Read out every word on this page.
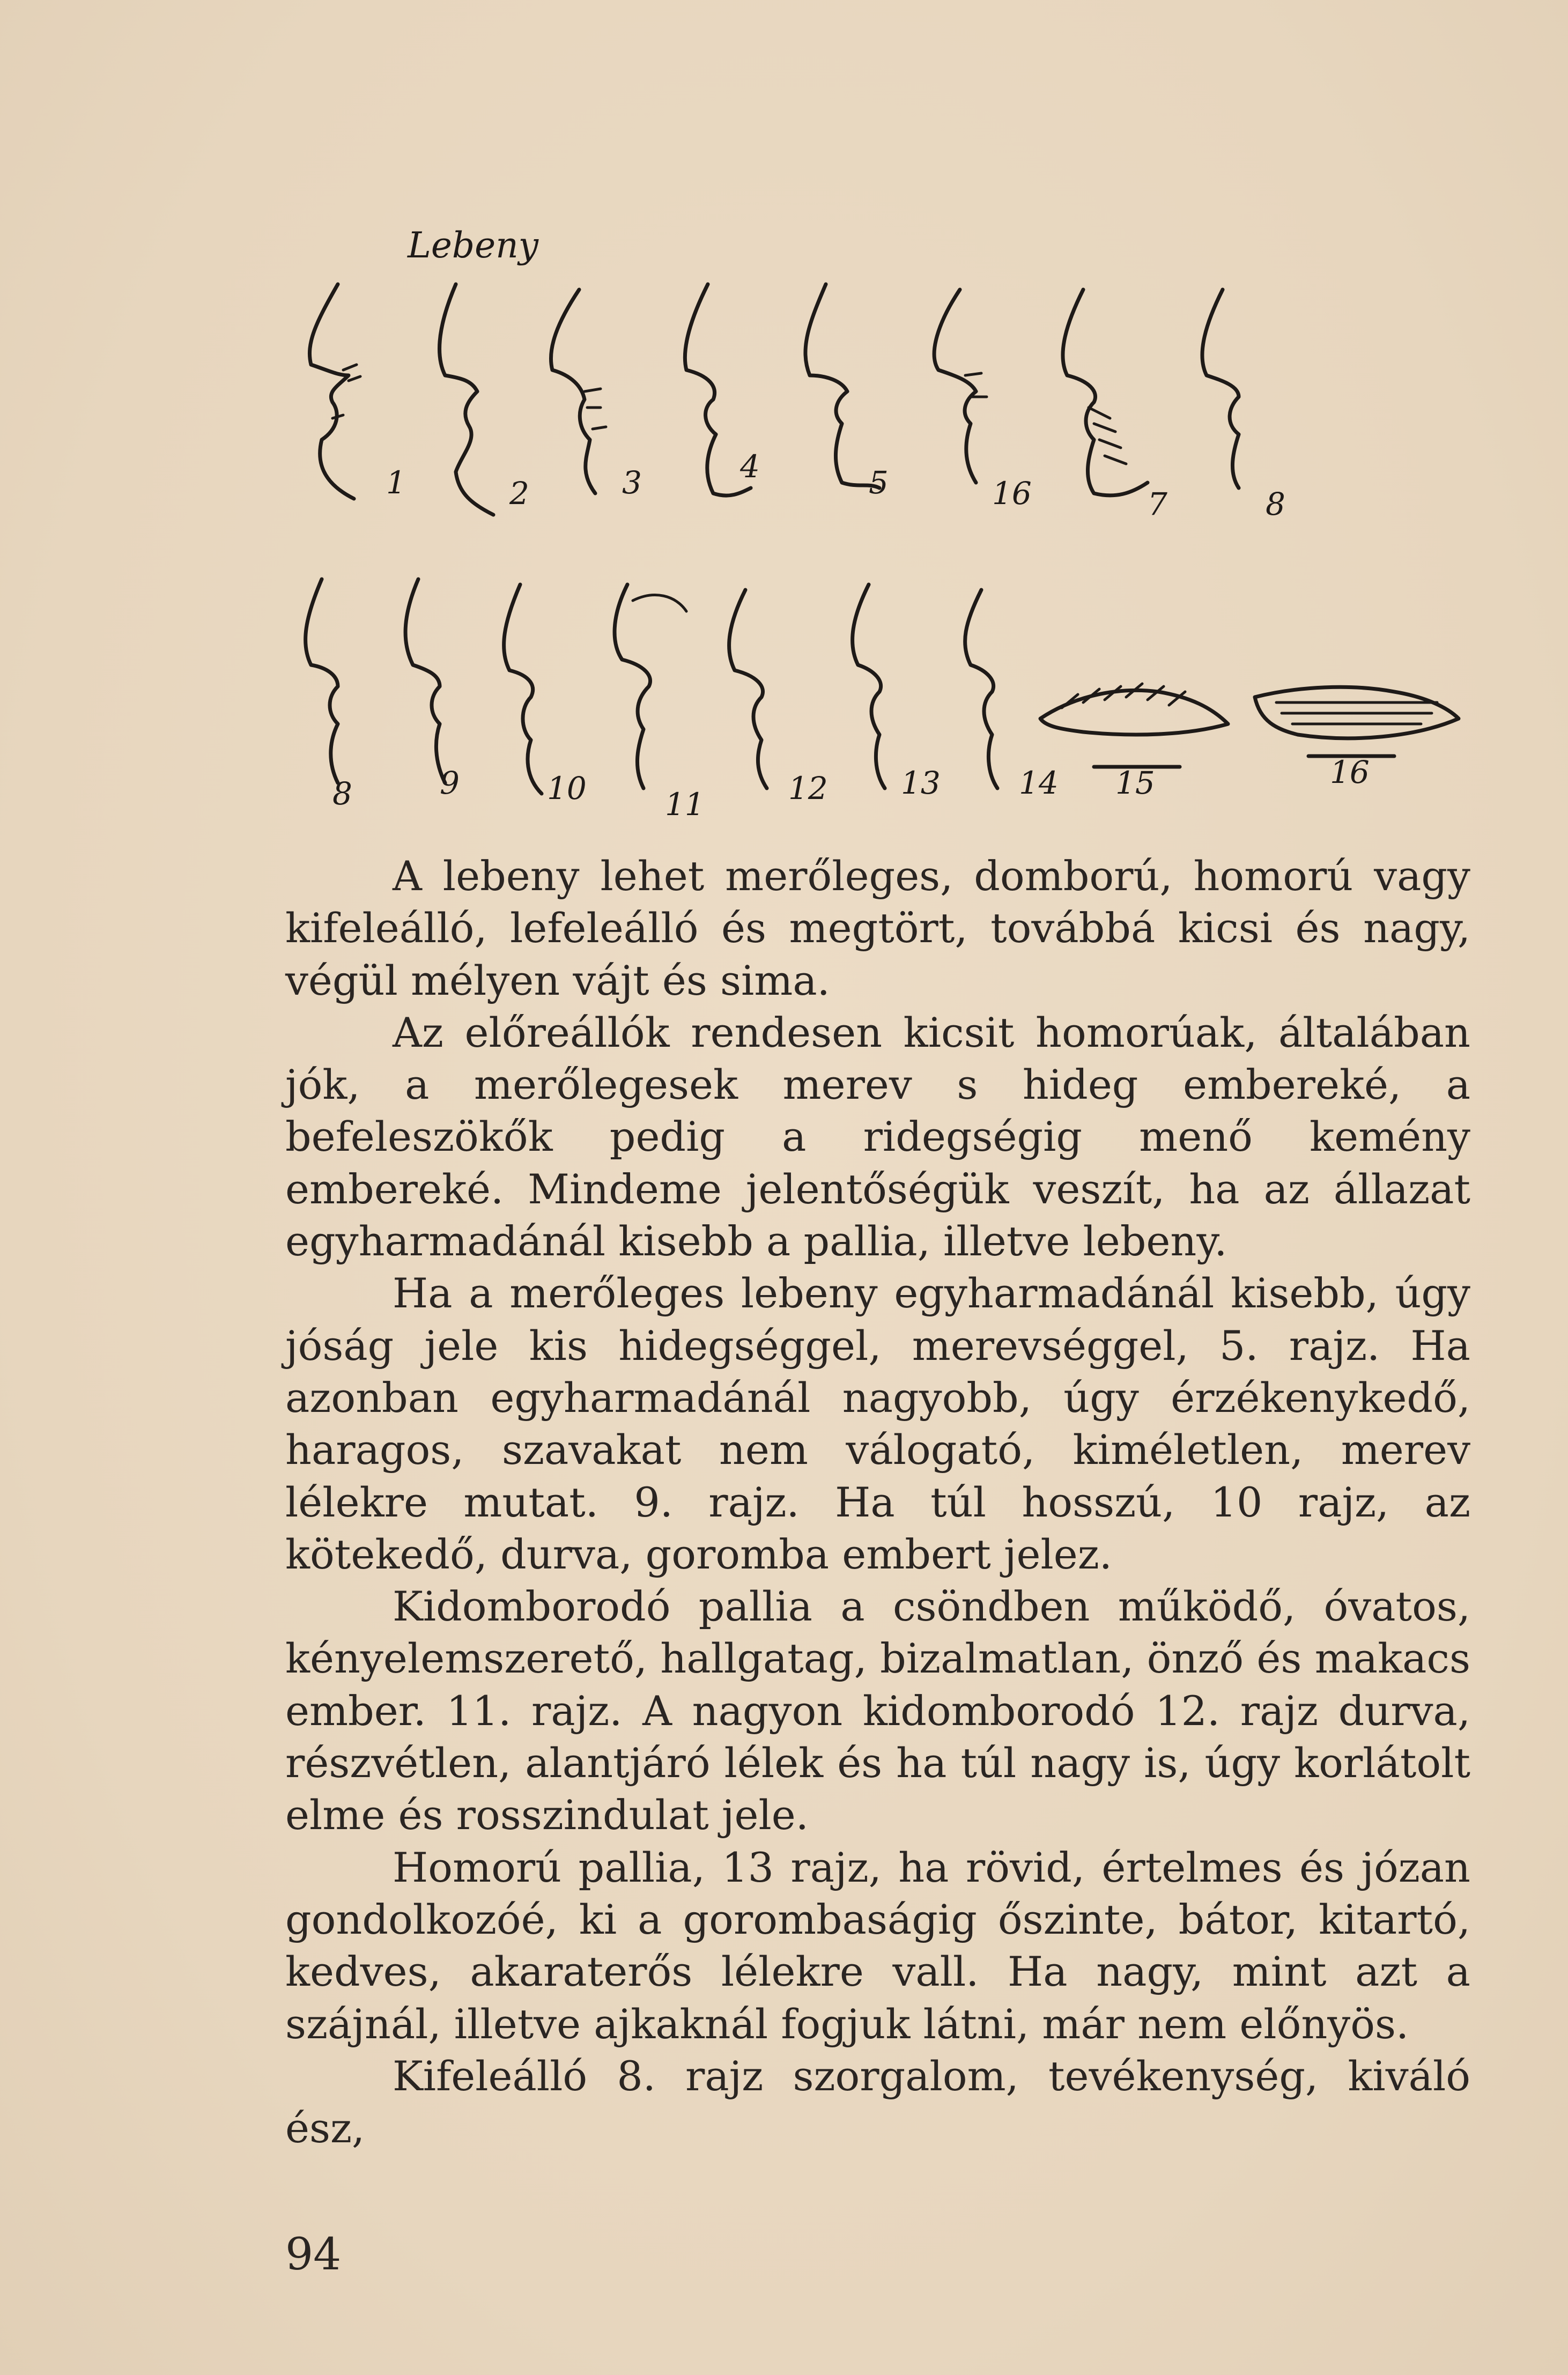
Lebeny
1	2	3	4	5	16	7	8
8	9	10	11	12 13	14 15	16

A lebeny lehet merőleges, domború, homorú vagy kifeleálló, lefeleálló és megtört, továbbá kicsi és nagy, végül mélyen vájt és sima.

Az előreállók rendesen kicsit homorúak, általában jók, a merőlegesek merev s hideg embereké, a befeleszökők pedig a ridegségig menő kemény embereké. Mindeme jelentőségük veszít, ha az állazat egyharmadánál kisebb a pallia, illetve lebeny.

Ha a merőleges lebeny egyharmadánál kisebb, úgy jóság jele kis hidegséggel, merevséggel, 5. rajz. Ha azonban egyharmadánál nagyobb, úgy érzékenykedő, haragos, szavakat nem válogató, kiméletlen, merev lélekre mutat. 9. rajz. Ha túl hosszú, 10 rajz, az kötekedő, durva, goromba embert jelez.

Kidomborodó pallia a csöndben működő, óvatos, kényelemszerető, hallgatag, bizalmatlan, önző és makacs ember. 11. rajz. A nagyon kidomborodó 12. rajz durva, részvétlen, alantjáró lélek és ha túl nagy is, úgy korlátolt elme és rosszindulat jele.

Homorú pallia, 13 rajz, ha rövid, értelmes és józan gondolkozóé, ki a gorombaságig őszinte, bátor, kitartó, kedves, akaraterős lélekre vall. Ha nagy, mint azt a szájnál, illetve ajkaknál fogjuk látni, már nem előnyös.

Kifeleálló 8. rajz szorgalom, tevékenység, kiváló ész,

94
